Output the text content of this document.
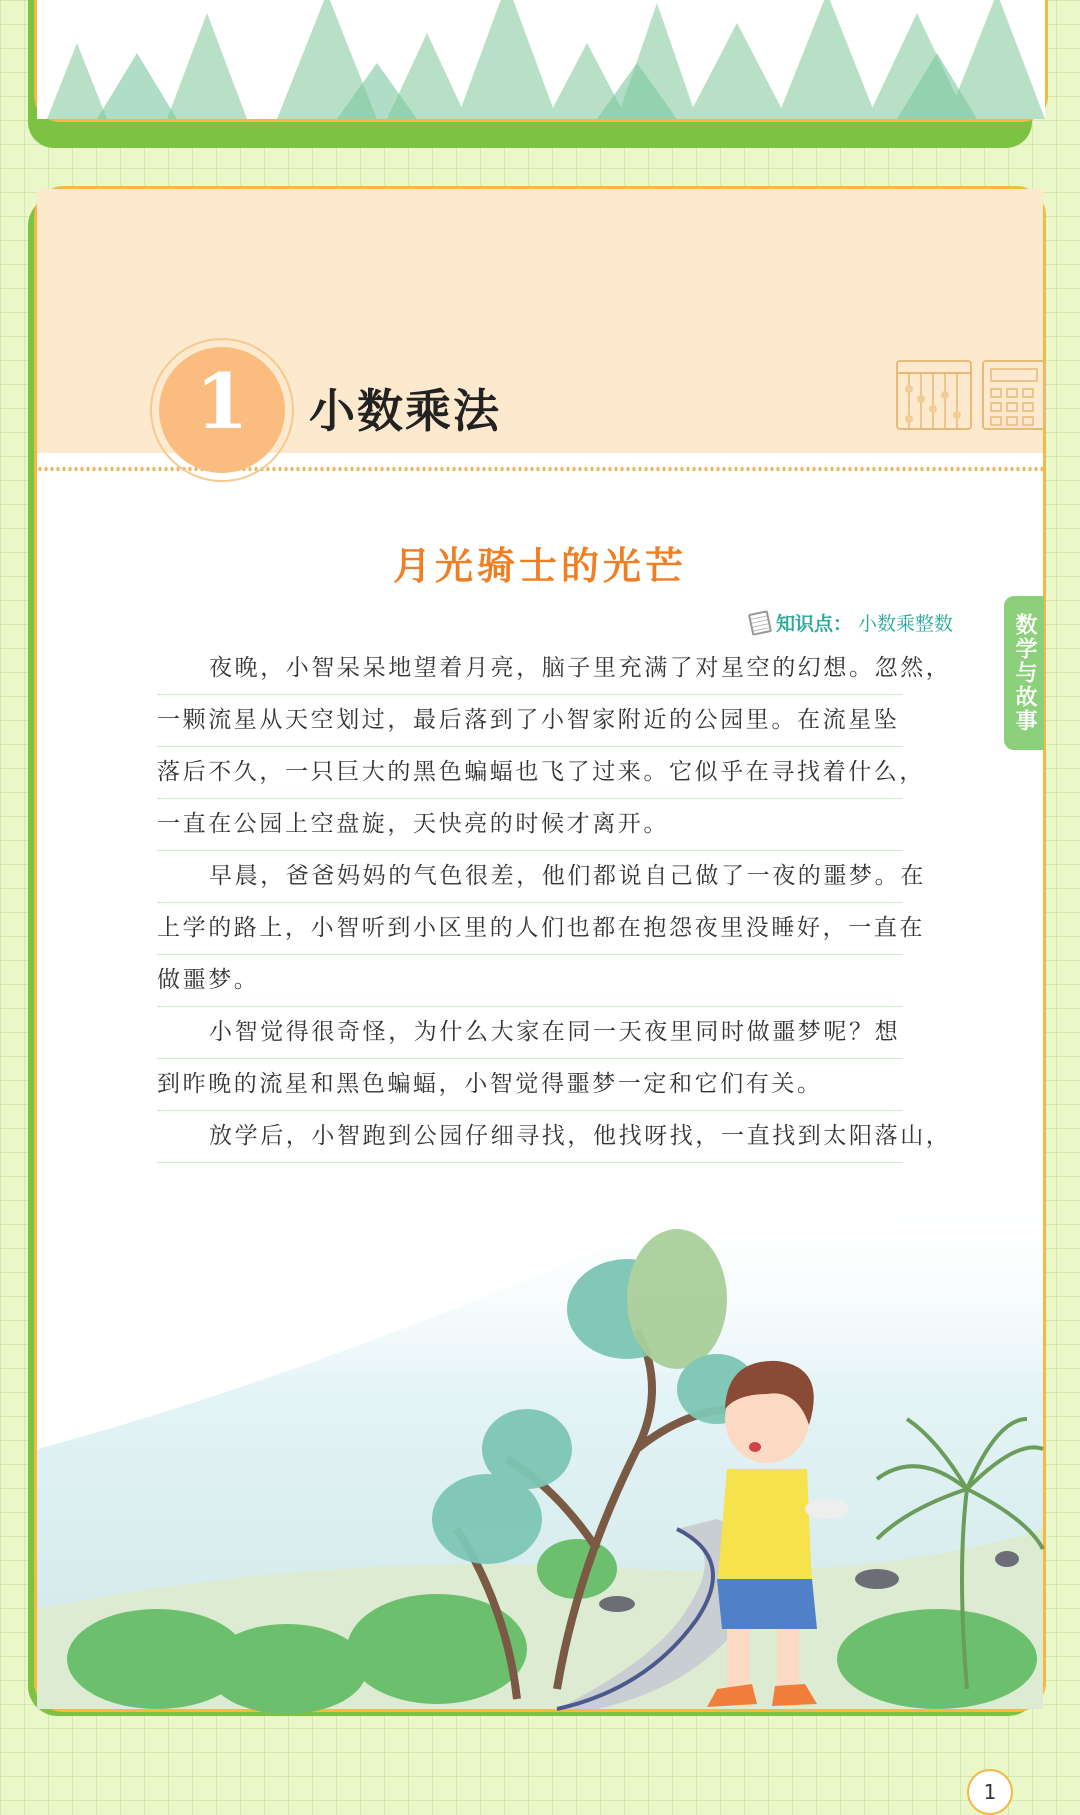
1	小数乘法
月光骑士的光芒
知识点： 小数乘整数
夜晚，小智呆呆地望着月亮，脑子里充满了对星空的幻想。忽然，
一颗流星从天空划过，最后落到了小智家附近的公园里。在流星坠
落后不久，一只巨大的黑色蝙蝠也飞了过来。它似乎在寻找着什么，
一直在公园上空盘旋，天快亮的时候才离开。
早晨，爸爸妈妈的气色很差，他们都说自己做了一夜的噩梦。在
上学的路上，小智听到小区里的人们也都在抱怨夜里没睡好，一直在
做噩梦。
小智觉得很奇怪，为什么大家在同一天夜里同时做噩梦呢？想
到昨晚的流星和黑色蝙蝠，小智觉得噩梦一定和它们有关。
放学后，小智跑到公园仔细寻找，他找呀找，一直找到太阳落山，
1
数学与故事
